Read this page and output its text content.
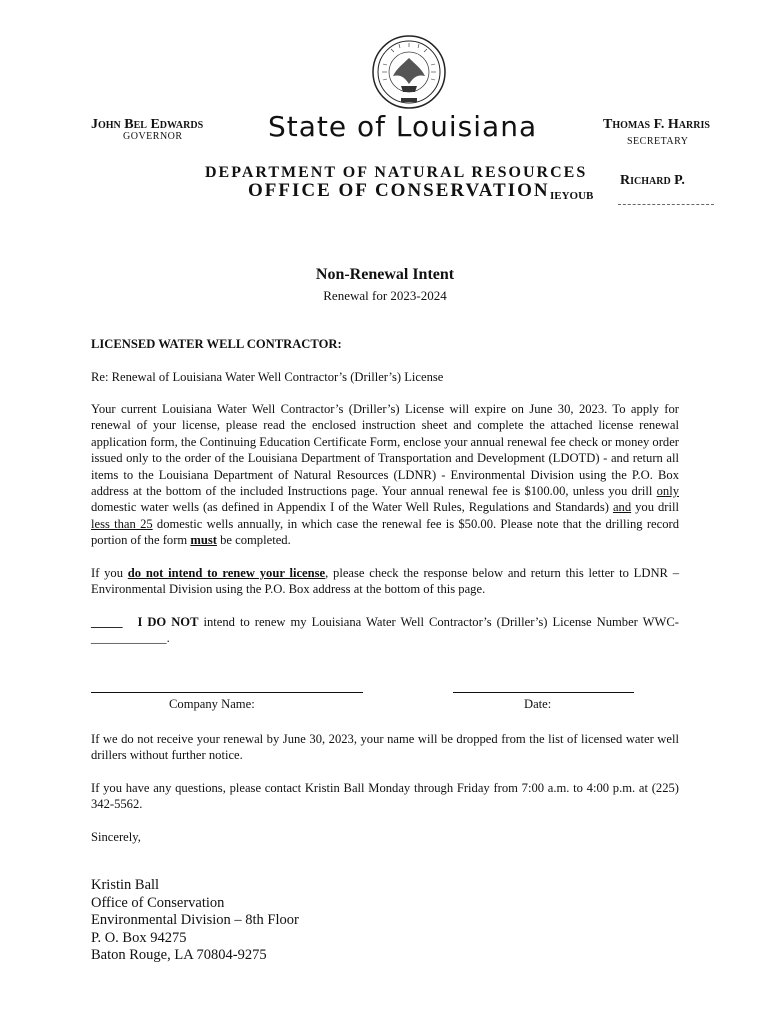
John Bel Edwards
GOVERNOR	State of Louisiana	Thomas F. Harris
SECRETARY
DEPARTMENT OF NATURAL RESOURCES
OFFICE OF CONSERVATION	Richard P.
IEYOUB
Non-Renewal Intent
Renewal for 2023-2024
LICENSED WATER WELL CONTRACTOR:
Re: Renewal of Louisiana Water Well Contractor’s (Driller’s) License
Your current Louisiana Water Well Contractor’s (Driller’s) License will expire on June 30, 2023. To apply for renewal of your license, please read the enclosed instruction sheet and complete the attached license renewal application form, the Continuing Education Certificate Form, enclose your annual renewal fee check or money order issued only to the order of the Louisiana Department of Transportation and Development (LDOTD) - and return all items to the Louisiana Department of Natural Resources (LDNR) - Environmental Division using the P.O. Box address at the bottom of the included Instructions page. Your annual renewal fee is $100.00, unless you drill only domestic water wells (as defined in Appendix I of the Water Well Rules, Regulations and Standards) and you drill less than 25 domestic wells annually, in which case the renewal fee is $50.00. Please note that the drilling record portion of the form must be completed.
If you do not intend to renew your license, please check the response below and return this letter to LDNR – Environmental Division using the P.O. Box address at the bottom of this page.
_____ I DO NOT intend to renew my Louisiana Water Well Contractor’s (Driller’s) License Number WWC-____________.
Company Name:	Date:
If we do not receive your renewal by June 30, 2023, your name will be dropped from the list of licensed water well drillers without further notice.
If you have any questions, please contact Kristin Ball Monday through Friday from 7:00 a.m. to 4:00 p.m. at (225) 342-5562.
Sincerely,
Kristin Ball
Office of Conservation
Environmental Division – 8th Floor
P. O. Box 94275
Baton Rouge, LA 70804-9275
